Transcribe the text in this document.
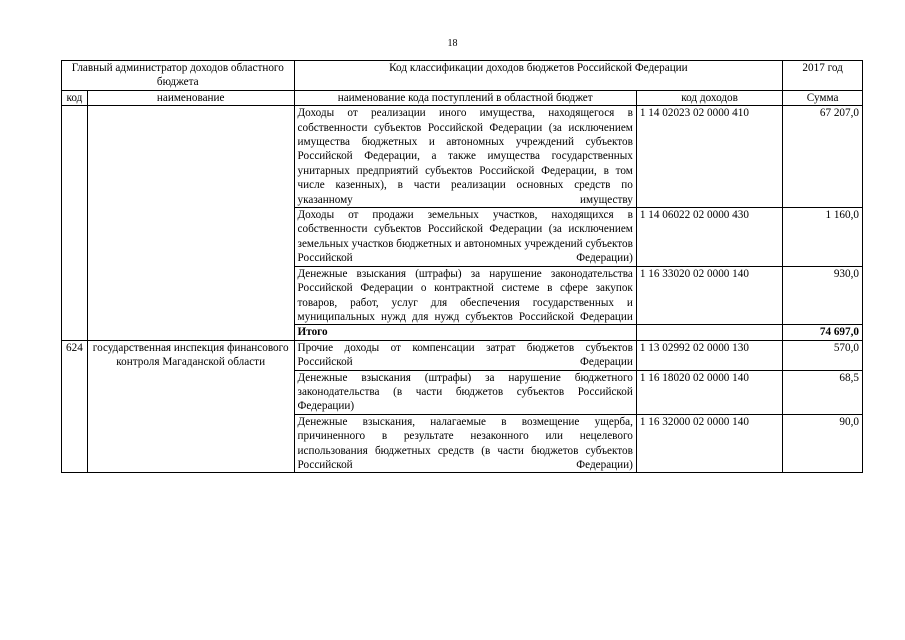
18
Главный администратор доходов областного бюджета		Код классификации доходов бюджетов Российской Федерации		2017 год
код	наименование	наименование кода поступлений в областной бюджет	код доходов	Сумма
		Доходы от реализации иного имущества, находящегося в собственности субъектов Российской Федерации (за исключением имущества бюджетных и автономных учреждений субъектов Российской Федерации, а также имущества государственных унитарных предприятий субъектов Российской Федерации, в том числе казенных), в части реализации основных средств по указанному имуществу	1 14 02023 02 0000 410	67 207,0
		Доходы от продажи земельных участков, находящихся в собственности субъектов Российской Федерации (за исключением земельных участков бюджетных и автономных учреждений субъектов Российской Федерации)	1 14 06022 02 0000 430	1 160,0
		Денежные взыскания (штрафы) за нарушение законодательства Российской Федерации о контрактной системе в сфере закупок товаров, работ, услуг для обеспечения государственных и муниципальных нужд для нужд субъектов Российской Федерации	1 16 33020 02 0000 140	930,0
		Итого		74 697,0
624	государственная инспекция финансового контроля Магаданской области	Прочие доходы от компенсации затрат бюджетов субъектов Российской Федерации	1 13 02992 02 0000 130	570,0
		Денежные взыскания (штрафы) за нарушение бюджетного законодательства (в части бюджетов субъектов Российской Федерации)	1 16 18020 02 0000 140	68,5
		Денежные взыскания, налагаемые в возмещение ущерба, причиненного в результате незаконного или нецелевого использования бюджетных средств (в части бюджетов субъектов Российской Федерации)	1 16 32000 02 0000 140	90,0
